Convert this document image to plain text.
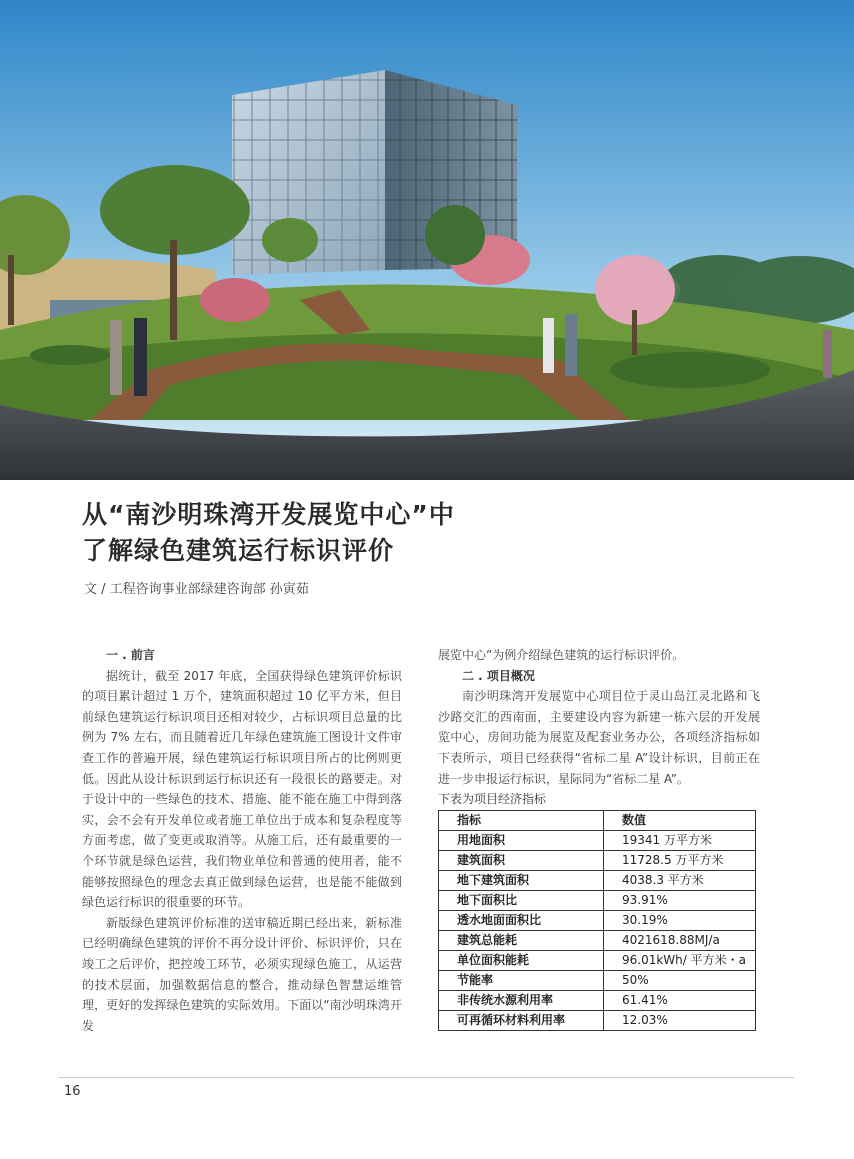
从“南沙明珠湾开发展览中心”中
了解绿色建筑运行标识评价
文 / 工程咨询事业部绿建咨询部 孙寅茹
一 . 前言

据统计，截至 2017 年底，全国获得绿色建筑评价标识的项目累计超过 1 万个，建筑面积超过 10 亿平方米，但目前绿色建筑运行标识项目还相对较少，占标识项目总量的比例为 7% 左右，而且随着近几年绿色建筑施工图设计文件审查工作的普遍开展，绿色建筑运行标识项目所占的比例则更低。因此从设计标识到运行标识还有一段很长的路要走。对于设计中的一些绿色的技术、措施、能不能在施工中得到落实，会不会有开发单位或者施工单位出于成本和复杂程度等方面考虑，做了变更或取消等。从施工后，还有最重要的一个环节就是绿色运营，我们物业单位和普通的使用者，能不能够按照绿色的理念去真正做到绿色运营，也是能不能做到绿色运行标识的很重要的环节。

新版绿色建筑评价标准的送审稿近期已经出来，新标准已经明确绿色建筑的评价不再分设计评价、标识评价，只在竣工之后评价，把控竣工环节，必须实现绿色施工，从运营的技术层面，加强数据信息的整合，推动绿色智慧运维管理，更好的发挥绿色建筑的实际效用。下面以“南沙明珠湾开发

展览中心”为例介绍绿色建筑的运行标识评价。

二 . 项目概况

南沙明珠湾开发展览中心项目位于灵山岛江灵北路和飞沙路交汇的西南面，主要建设内容为新建一栋六层的开发展览中心，房间功能为展览及配套业务办公，各项经济指标如下表所示，项目已经获得“省标二星 A”设计标识，目前正在进一步申报运行标识，星际同为“省标二星 A”。

下表为项目经济指标

指标	数值
用地面积	19341 万平方米
建筑面积	11728.5 万平方米
地下建筑面积	4038.3 平方米
地下面积比	93.91%
透水地面面积比	30.19%
建筑总能耗	4021618.88MJ/a
单位面积能耗	96.01kWh/ 平方米・a
节能率	50%
非传统水源利用率	61.41%
可再循环材料利用率	12.03%
16
